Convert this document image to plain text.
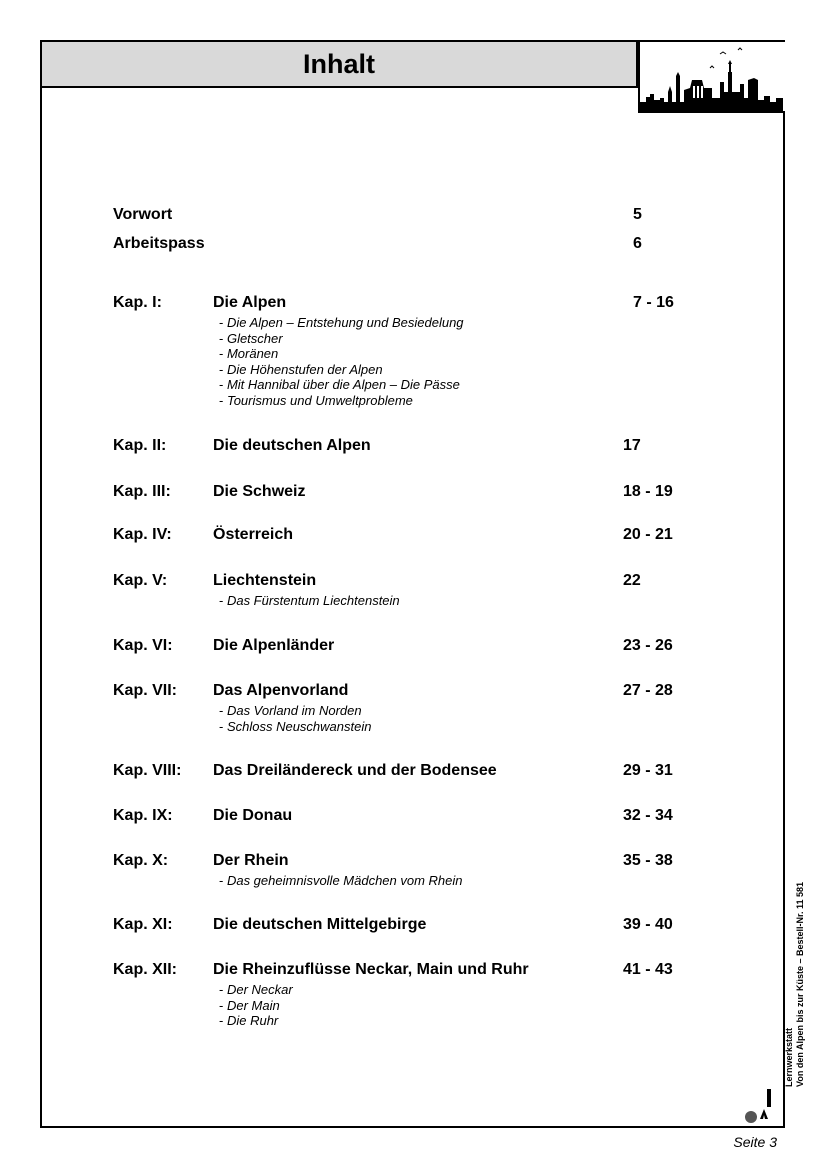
Inhalt
Vorwort	5
Arbeitspass	6
Kap. I:	Die Alpen	7 - 16
- Die Alpen – Entstehung und Besiedelung
- Gletscher
- Moränen
- Die Höhenstufen der Alpen
- Mit Hannibal über die Alpen – Die Pässe
- Tourismus und Umweltprobleme
Kap. II:	Die deutschen Alpen	17
Kap. III:	Die Schweiz	18 - 19
Kap. IV:	Österreich	20 - 21
Kap. V:	Liechtenstein	22
- Das Fürstentum Liechtenstein
Kap. VI:	Die Alpenländer	23 - 26
Kap. VII: Das Alpenvorland	27 - 28
- Das Vorland im Norden
- Schloss Neuschwanstein
Kap. VIII: Das Dreiländereck und der Bodensee	29 - 31
Kap. IX:	Die Donau	32 - 34
Kap. X:	Der Rhein	35 - 38
- Das geheimnisvolle Mädchen vom Rhein
Kap. XI:	Die deutschen Mittelgebirge	39 - 40
Kap. XII: Die Rheinzuflüsse Neckar, Main und Ruhr	41 - 43
- Der Neckar
- Der Main
- Die Ruhr
Lernwerkstatt Von den Alpen bis zur Küste – Bestell-Nr. 11 581
Seite 3
